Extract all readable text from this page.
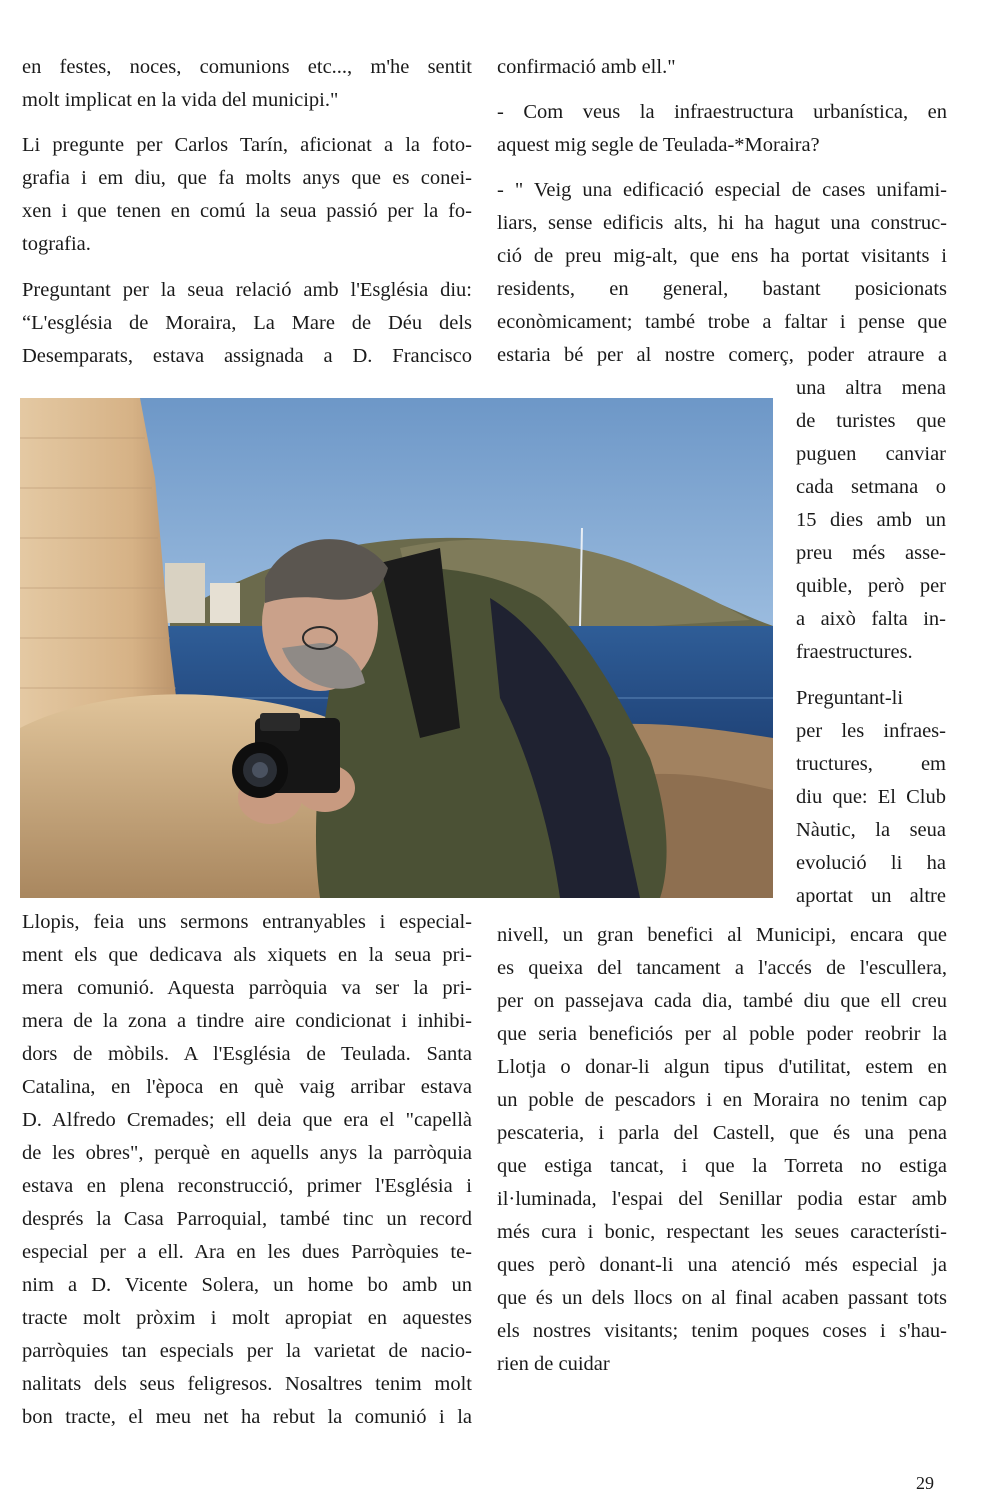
en festes, noces, comunions etc..., m'he sentit
molt implicat en la vida del municipi."
Li pregunte per Carlos Tarín, aficionat a la foto-
grafia i em diu, que fa molts anys que es conei-
xen i que tenen en comú la seua passió per la fo-
tografia.
Preguntant per la seua relació amb l'Església diu:
“L'església de Moraira, La Mare de Déu dels
Desemparats, estava assignada a D. Francisco
confirmació amb ell."
- Com veus la infraestructura urbanística, en
aquest mig segle de Teulada-*Moraira?
- " Veig una edificació especial de cases unifami-
liars, sense edificis alts, hi ha hagut una construc-
ció de preu mig-alt, que ens ha portat visitants i
residents, en general, bastant posicionats
econòmicament; també trobe a faltar i pense que
estaria bé per al nostre comerç, poder atraure a
una altra mena
de turistes que
puguen canviar
cada setmana o
15 dies amb un
preu més asse-
quible, però per
a això falta in-
fraestructures.
Preguntant-li
per les infraes-
tructures, em
diu que: El Club
Nàutic, la seua
evolució li ha
aportat un altre
Llopis, feia uns sermons entranyables i especial-
ment els que dedicava als xiquets en la seua pri-
mera comunió. Aquesta parròquia va ser la pri-
mera de la zona a tindre aire condicionat i inhibi-
dors de mòbils. A l'Església de Teulada. Santa
Catalina, en l'època en què vaig arribar estava
D. Alfredo Cremades; ell deia que era el "capellà
de les obres", perquè en aquells anys la parròquia
estava en plena reconstrucció, primer l'Església i
després la Casa Parroquial, també tinc un record
especial per a ell. Ara en les dues Parròquies te-
nim a D. Vicente Solera, un home bo amb un
tracte molt pròxim i molt apropiat en aquestes
parròquies tan especials per la varietat de nacio-
nalitats dels seus feligresos. Nosaltres tenim molt
bon tracte, el meu net ha rebut la comunió i la
nivell, un gran benefici al Municipi, encara que
es queixa del tancament a l'accés de l'escullera,
per on passejava cada dia, també diu que ell creu
que seria beneficiós per al poble poder reobrir la
Llotja o donar-li algun tipus d'utilitat, estem en
un poble de pescadors i en Moraira no tenim cap
pescateria, i parla del Castell, que és una pena
que estiga tancat, i que la Torreta no estiga
il·luminada, l'espai del Senillar podia estar amb
més cura i bonic, respectant les seues característi-
ques però donant-li una atenció més especial ja
que és un dels llocs on al final acaben passant tots
els nostres visitants; tenim poques coses i s'hau-
rien de cuidar
29
